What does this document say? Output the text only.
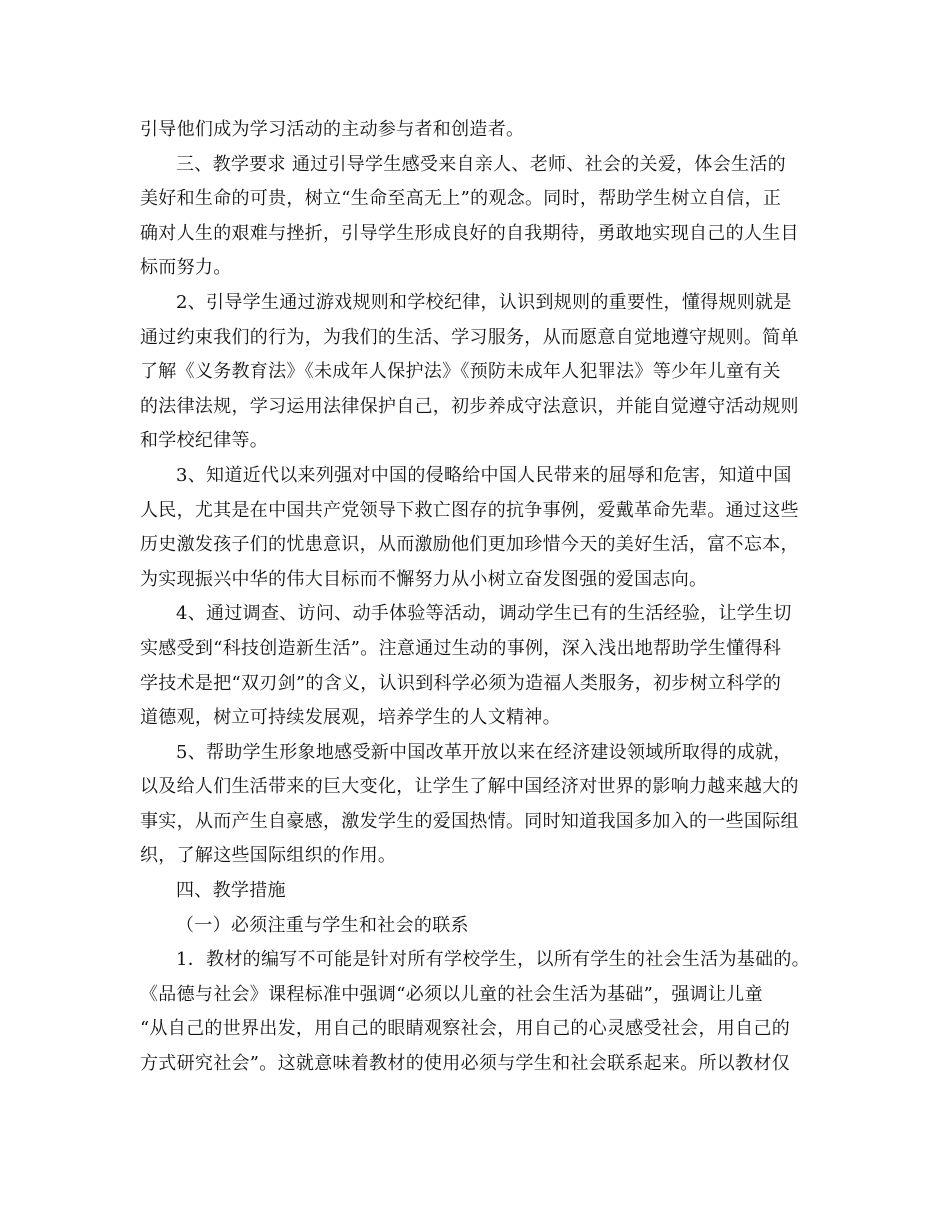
引导他们成为学习活动的主动参与者和创造者。
三、教学要求 通过引导学生感受来自亲人、老师、社会的关爱，体会生活的
美好和生命的可贵，树立“生命至高无上”的观念。同时，帮助学生树立自信，正
确对人生的艰难与挫折，引导学生形成良好的自我期待，勇敢地实现自己的人生目
标而努力。
2、引导学生通过游戏规则和学校纪律，认识到规则的重要性，懂得规则就是
通过约束我们的行为，为我们的生活、学习服务，从而愿意自觉地遵守规则。简单
了解《义务教育法》《未成年人保护法》《预防未成年人犯罪法》等少年儿童有关
的法律法规，学习运用法律保护自己，初步养成守法意识，并能自觉遵守活动规则
和学校纪律等。
3、知道近代以来列强对中国的侵略给中国人民带来的屈辱和危害，知道中国
人民，尤其是在中国共产党领导下救亡图存的抗争事例，爱戴革命先辈。通过这些
历史激发孩子们的忧患意识，从而激励他们更加珍惜今天的美好生活，富不忘本，
为实现振兴中华的伟大目标而不懈努力从小树立奋发图强的爱国志向。
4、通过调查、访问、动手体验等活动，调动学生已有的生活经验，让学生切
实感受到“科技创造新生活”。注意通过生动的事例，深入浅出地帮助学生懂得科
学技术是把“双刃剑”的含义，认识到科学必须为造福人类服务，初步树立科学的
道德观，树立可持续发展观，培养学生的人文精神。
5、帮助学生形象地感受新中国改革开放以来在经济建设领域所取得的成就，
以及给人们生活带来的巨大变化，让学生了解中国经济对世界的影响力越来越大的
事实，从而产生自豪感，激发学生的爱国热情。同时知道我国多加入的一些国际组
织，了解这些国际组织的作用。
四、教学措施
（一）必须注重与学生和社会的联系
1．教材的编写不可能是针对所有学校学生，以所有学生的社会生活为基础的。
《品德与社会》课程标准中强调“必须以儿童的社会生活为基础”，强调让儿童
“从自己的世界出发，用自己的眼睛观察社会，用自己的心灵感受社会，用自己的
方式研究社会”。这就意味着教材的使用必须与学生和社会联系起来。所以教材仅
